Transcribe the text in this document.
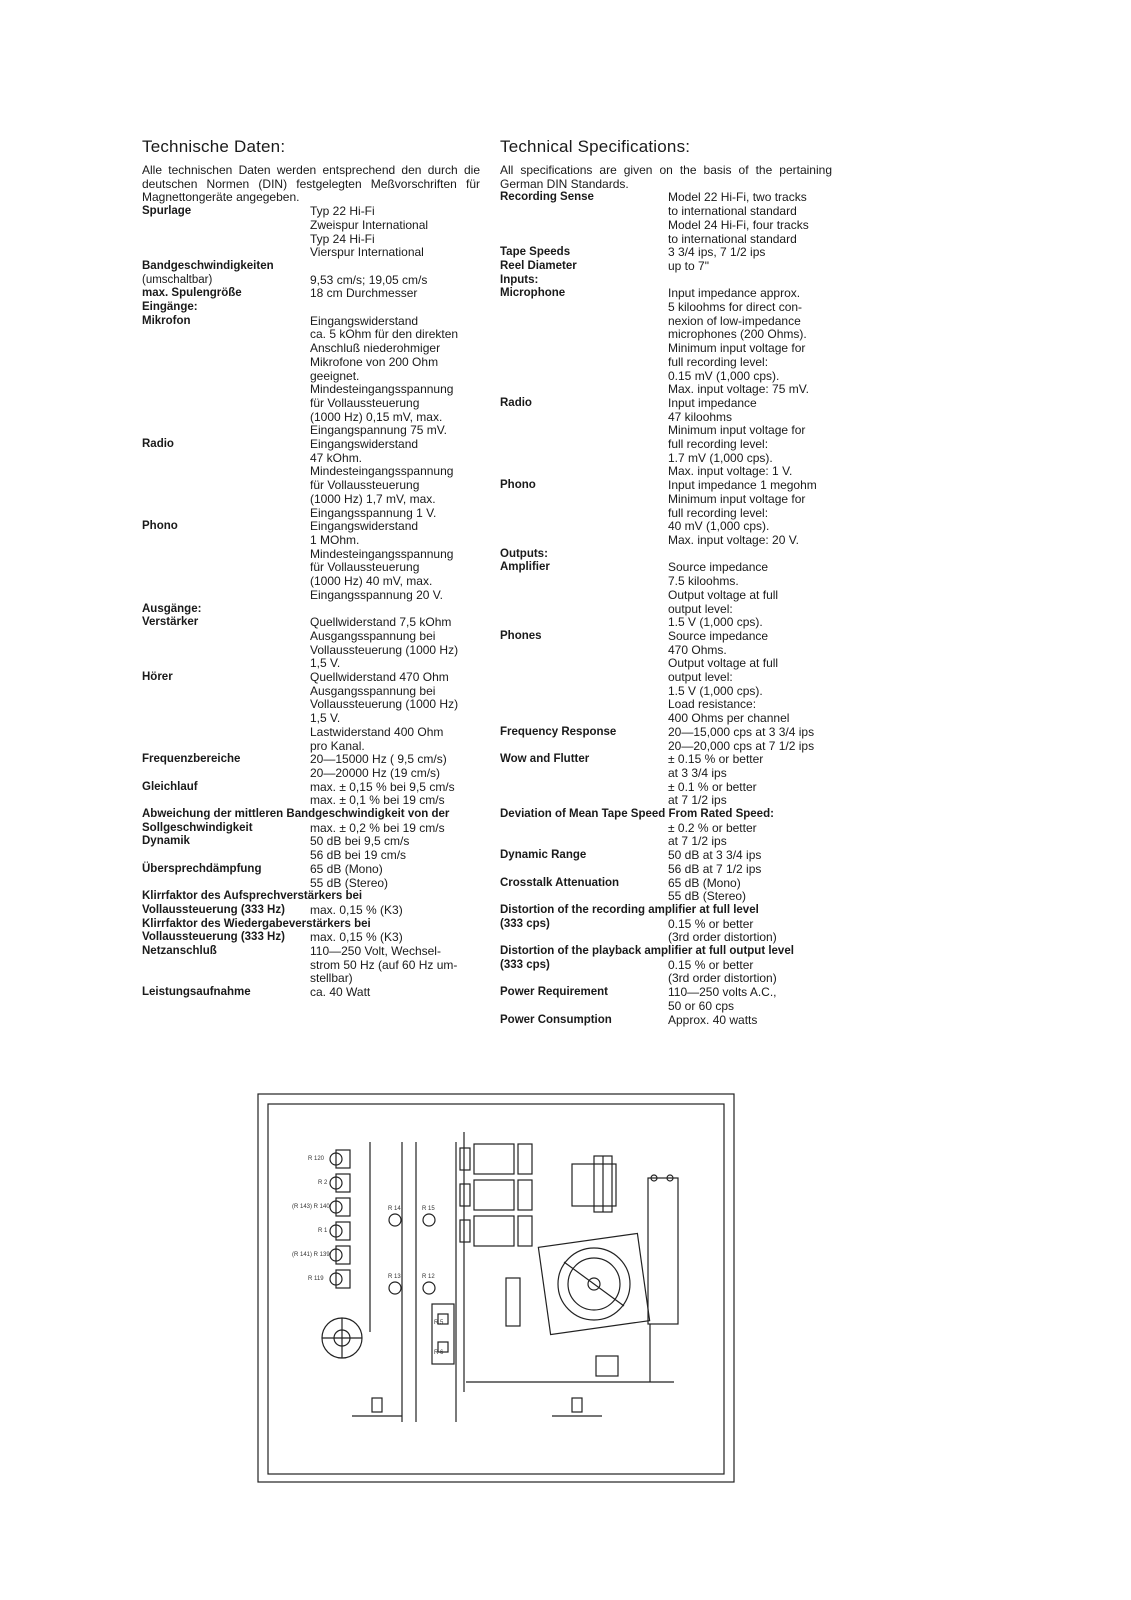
Technische Daten:

Alle technischen Daten werden entsprechend den durch die deutschen Normen (DIN) festgelegten Meßvorschriften für Magnettongeräte angegeben.

Spurlage	Typ 22 Hi-Fi
Zweispur International
Typ 24 Hi-Fi
Vierspur International
Bandgeschwindigkeiten
(umschaltbar)	9,53 cm/s; 19,05 cm/s
max. Spulengröße	18 cm Durchmesser
Eingänge:
Mikrofon	Eingangswiderstand
ca. 5 kOhm für den direkten
Anschluß niederohmiger
Mikrofone von 200 Ohm
geeignet.
Mindesteingangsspannung
für Vollaussteuerung
(1000 Hz) 0,15 mV, max.
Eingangspannung 75 mV.
Radio	Eingangswiderstand
47 kOhm.
Mindesteingangsspannung
für Vollaussteuerung
(1000 Hz) 1,7 mV, max.
Eingangsspannung 1 V.
Phono	Eingangswiderstand
1 MOhm.
Mindesteingangsspannung
für Vollaussteuerung
(1000 Hz) 40 mV, max.
Eingangsspannung 20 V.
Ausgänge:
Verstärker	Quellwiderstand 7,5 kOhm
Ausgangsspannung bei
Vollaussteuerung (1000 Hz)
1,5 V.
Hörer	Quellwiderstand 470 Ohm
Ausgangsspannung bei
Vollaussteuerung (1000 Hz)
1,5 V.
Lastwiderstand 400 Ohm
pro Kanal.
Frequenzbereiche	20—15000 Hz ( 9,5 cm/s)
20—20000 Hz (19 cm/s)
Gleichlauf	max. ± 0,15 % bei 9,5 cm/s
max. ± 0,1 % bei 19 cm/s
Abweichung der mittleren Bandgeschwindigkeit von der
Sollgeschwindigkeit	max. ± 0,2 % bei 19 cm/s
Dynamik	50 dB bei 9,5 cm/s
56 dB bei 19 cm/s
Übersprechdämpfung	65 dB (Mono)
55 dB (Stereo)
Klirrfaktor des Aufsprechverstärkers bei
Vollaussteuerung (333 Hz)	max. 0,15 % (K3)
Klirrfaktor des Wiedergabeverstärkers bei
Vollaussteuerung (333 Hz)	max. 0,15 % (K3)
Netzanschluß	110—250 Volt, Wechsel-
strom 50 Hz (auf 60 Hz um-
stellbar)
Leistungsaufnahme	ca. 40 Watt
Technical Specifications:

All specifications are given on the basis of the pertaining German DIN Standards.

Recording Sense	Model 22 Hi-Fi, two tracks
to international standard
Model 24 Hi-Fi, four tracks
to international standard
Tape Speeds	3 3/4 ips, 7 1/2 ips
Reel Diameter	up to 7"
Inputs:
Microphone	Input impedance approx.
5 kiloohms for direct con-
nexion of low-impedance
microphones (200 Ohms).
Minimum input voltage for
full recording level:
0.15 mV (1,000 cps).
Max. input voltage: 75 mV.
Radio	Input impedance
47 kiloohms
Minimum input voltage for
full recording level:
1.7 mV (1,000 cps).
Max. input voltage: 1 V.
Phono	Input impedance 1 megohm
Minimum input voltage for
full recording level:
40 mV (1,000 cps).
Max. input voltage: 20 V.
Outputs:
Amplifier	Source impedance
7.5 kiloohms.
Output voltage at full
output level:
1.5 V (1,000 cps).
Phones	Source impedance
470 Ohms.
Output voltage at full
output level:
1.5 V (1,000 cps).
Load resistance:
400 Ohms per channel
Frequency Response	20—15,000 cps at 3 3/4 ips
20—20,000 cps at 7 1/2 ips
Wow and Flutter	± 0.15 % or better
at 3 3/4 ips
± 0.1 % or better
at 7 1/2 ips
Deviation of Mean Tape Speed From Rated Speed:
± 0.2 % or better
at 7 1/2 ips
Dynamic Range	50 dB at 3 3/4 ips
56 dB at 7 1/2 ips
Crosstalk Attenuation	65 dB (Mono)
55 dB (Stereo)
Distortion of the recording amplifier at full level
(333 cps)	0.15 % or better
(3rd order distortion)
Distortion of the playback amplifier at full output level
(333 cps)	0.15 % or better
(3rd order distortion)
Power Requirement	110—250 volts A.C.,
50 or 60 cps
Power Consumption	Approx. 40 watts
R 120
R 2
(R 143) R 140
R 1
(R 141) R 139
R 119
R 14	R 15
R 13	R 12
R 5
R 6
